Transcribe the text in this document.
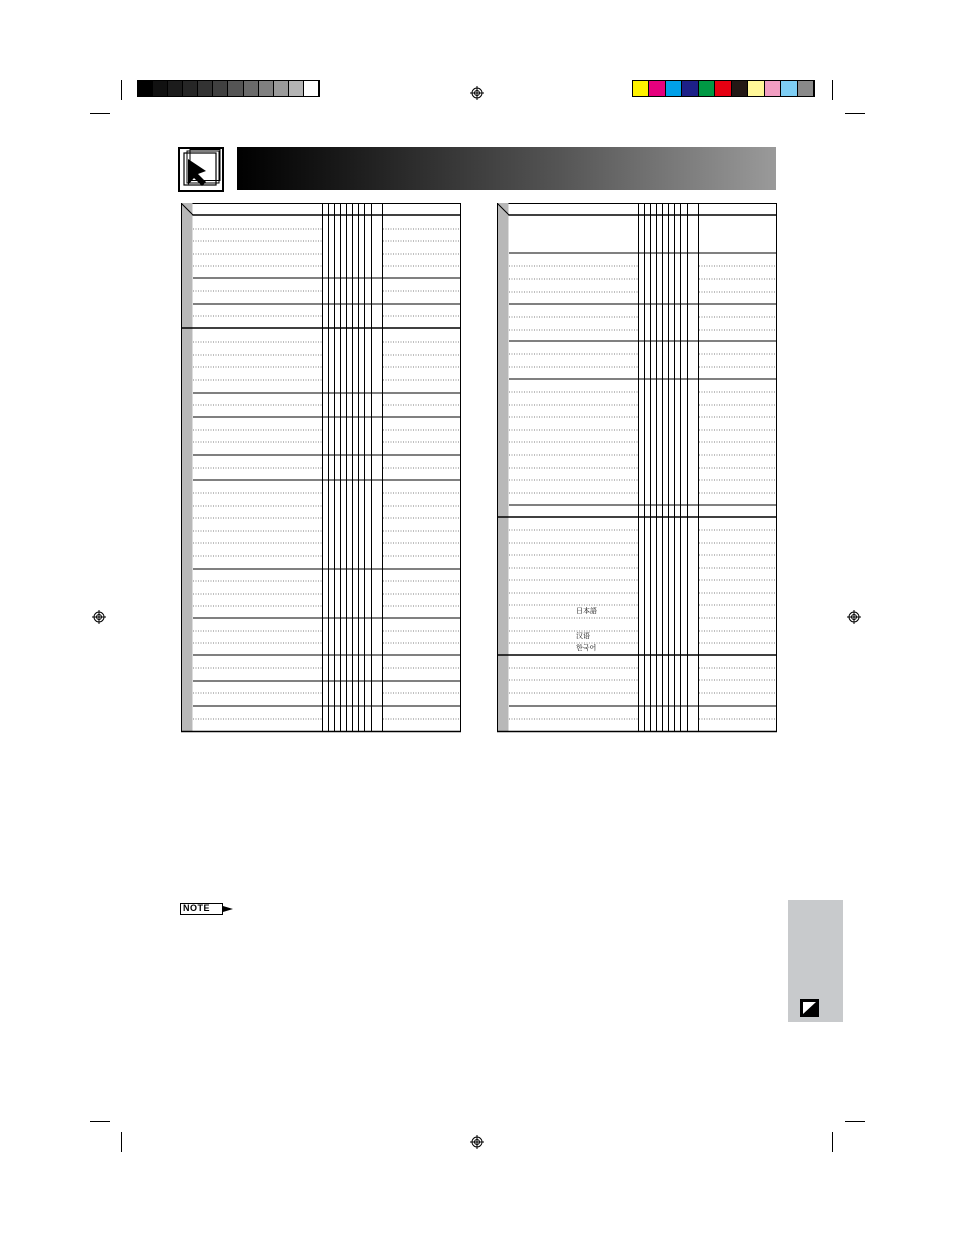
日本語
汉语
한국어
NOTE
